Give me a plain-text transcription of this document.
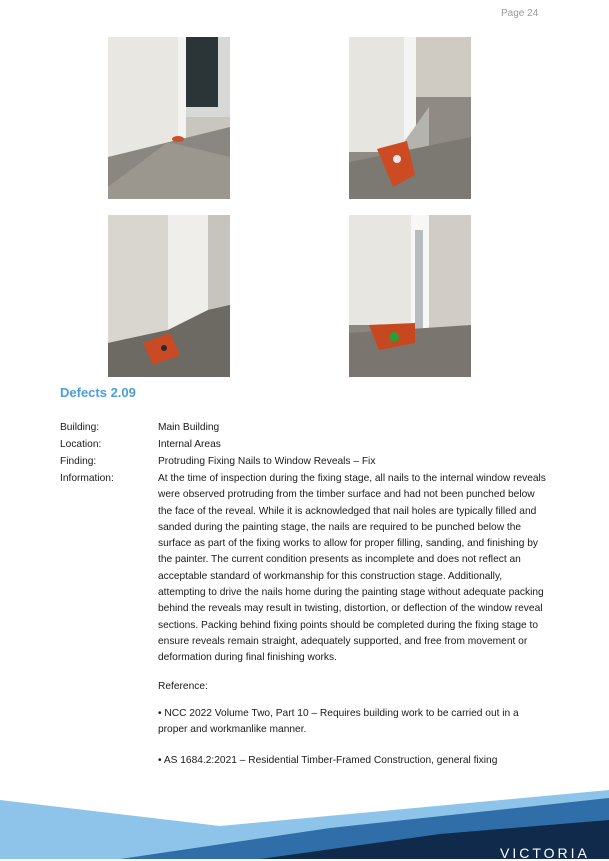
Page 24
Defects 2.09
Building:	Main Building
Location:	Internal Areas
Finding:	Protruding Fixing Nails to Window Reveals – Fix
Information:	At the time of inspection during the fixing stage, all nails to the internal window reveals were observed protruding from the timber surface and had not been punched below the face of the reveal. While it is acknowledged that nail holes are typically filled and sanded during the painting stage, the nails are required to be punched below the surface as part of the fixing works to allow for proper filling, sanding, and finishing by the painter. The current condition presents as incomplete and does not reflect an acceptable standard of workmanship for this construction stage. Additionally, attempting to drive the nails home during the painting stage without adequate packing behind the reveals may result in twisting, distortion, or deflection of the window reveal sections. Packing behind fixing points should be completed during the fixing stage to ensure reveals remain straight, adequately supported, and free from movement or deformation during final finishing works.
Reference:
• NCC 2022 Volume Two, Part 10 – Requires building work to be carried out in a proper and workmanlike manner.
• AS 1684.2:2021 – Residential Timber-Framed Construction, general fixing
VICTORIA
